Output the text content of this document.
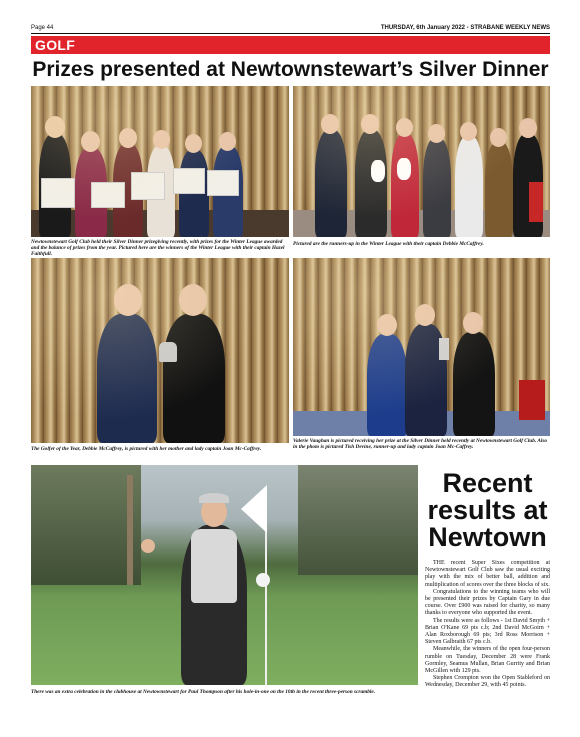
Page 44	THURSDAY, 6th January 2022 - STRABANE WEEKLY NEWS
GOLF
Prizes presented at Newtownstewart’s Silver Dinner
Newtownstewart Golf Club held their Silver Dinner prizegiving recently, with prizes for the Winter League awarded and the balance of prizes from the year. Pictured here are the winners of the Winter League with their captain Hazel Faithfull.
Pictured are the runners-up in the Winter League with their captain Debbie McCaffrey.
The Golfer of the Year, Debbie McCaffrey, is pictured with her mother and lady captain Joan Mc-Caffrey.
Valerie Vaughan is pictured receiving her prize at the Silver Dinner held recently at Newtownstewart Golf Club. Also in the photo is pictured Tish Devine, runner-up and lady captain Joan Mc-Caffrey.
There was an extra celebration in the clubhouse at Newtownstewart for Paul Thompson after his hole-in-one on the 10th in the recent three-person scramble.
Recent results at Newtown

THE recent Super Sixes competition at Newtownstewart Golf Club saw the usual exciting play with the mix of better ball, addition and multiplication of scores over the three blocks of six.

Congratulations to the winning teams who will be presented their prizes by Captain Gary in due course. Over £900 was raised for charity, so many thanks to everyone who supported the event.

The results were as follows - 1st David Smyth + Brian O'Kane 69 pts c.b; 2nd David McGoirn + Alan Roxborough 69 pts; 3rd Ross Morrison + Steven Galbraith 67 pts c.b.

Meanwhile, the winners of the open four-person rumble on Tuesday, December 28 were Frank Gormley, Seamus Mullan, Brian Gurrity and Brian McGillen with 129 pts.

Stephen Crompton won the Open Stableford on Wednesday, December 29, with 45 points.
